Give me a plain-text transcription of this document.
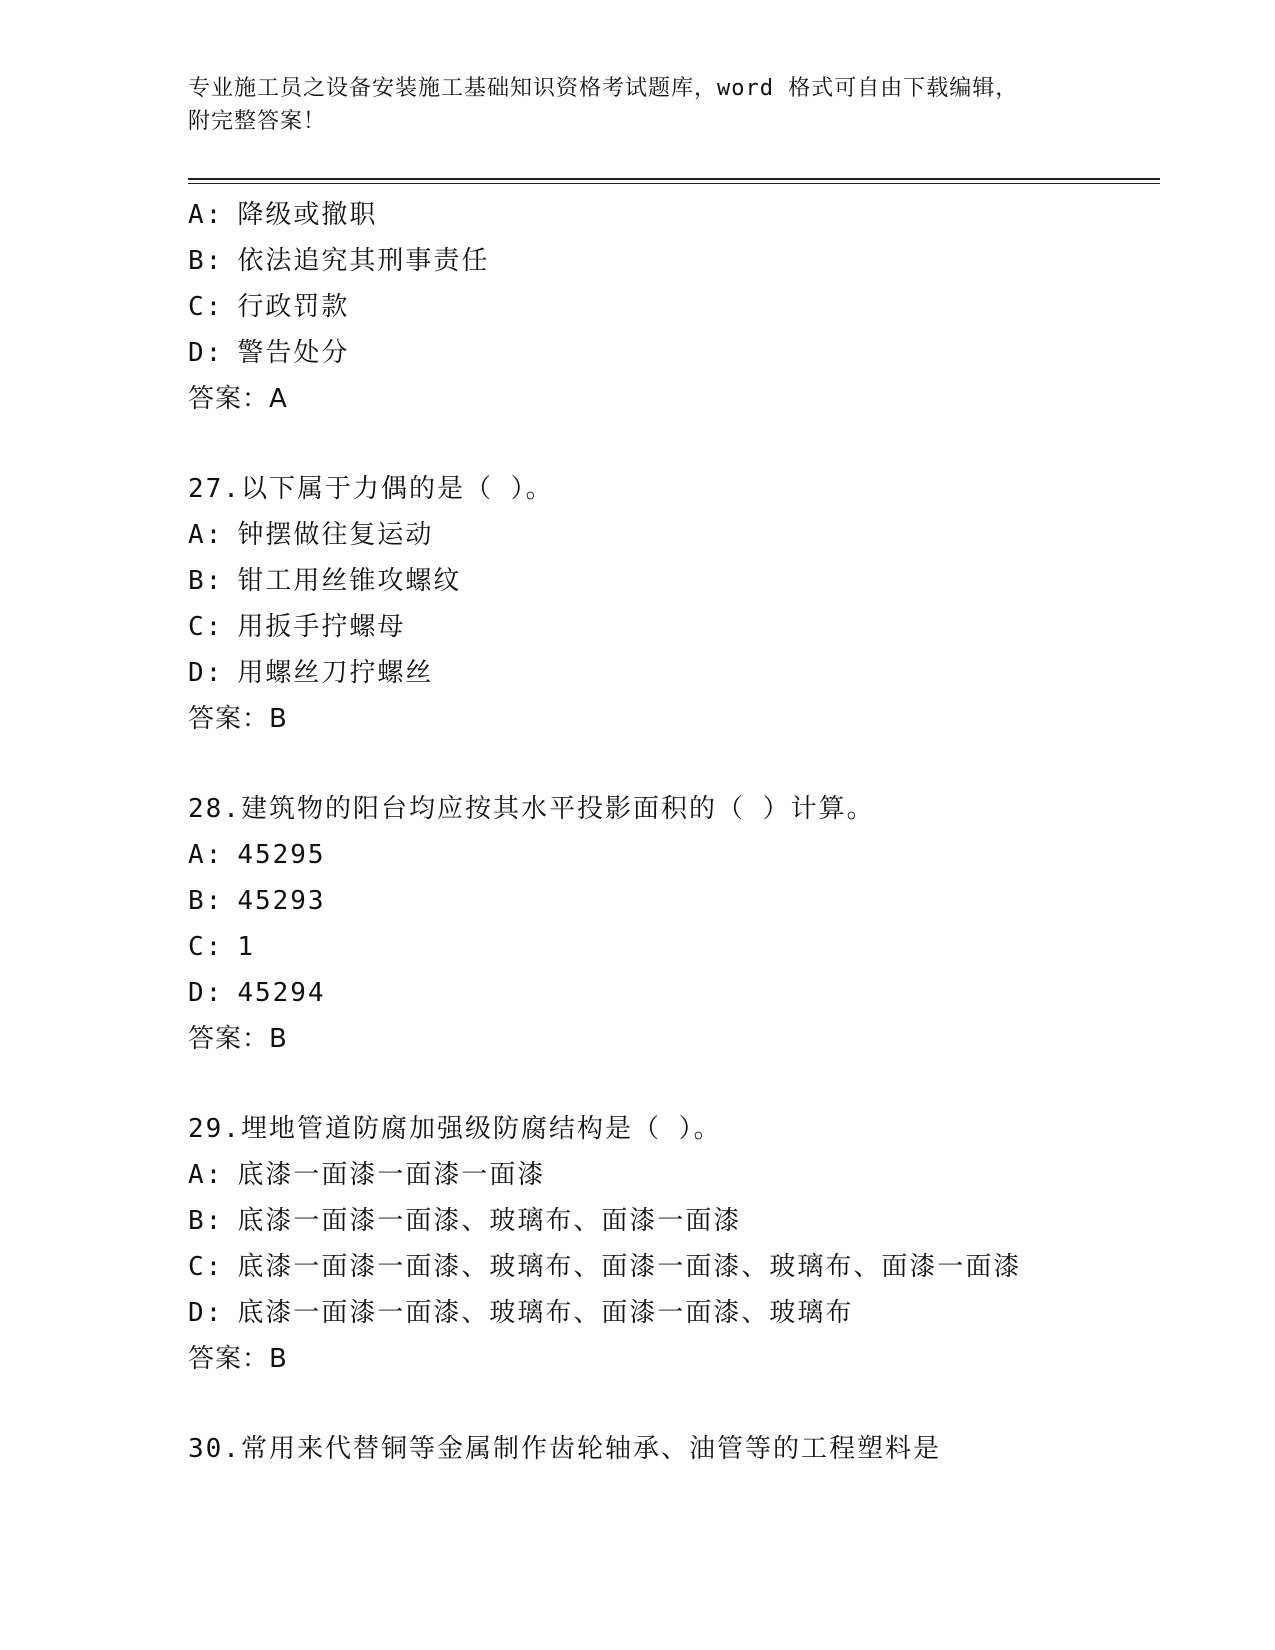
专业施工员之设备安装施工基础知识资格考试题库，word 格式可自由下载编辑，
附完整答案！
A: 降级或撤职
B: 依法追究其刑事责任
C: 行政罚款
D: 警告处分
答案：A
27.以下属于力偶的是（ ）。
A: 钟摆做往复运动
B: 钳工用丝锥攻螺纹
C: 用扳手拧螺母
D: 用螺丝刀拧螺丝
答案：B
28.建筑物的阳台均应按其水平投影面积的（ ）计算。
A: 45295
B: 45293
C: 1
D: 45294
答案：B
29.埋地管道防腐加强级防腐结构是（ ）。
A: 底漆一面漆一面漆一面漆
B: 底漆一面漆一面漆、玻璃布、面漆一面漆
C: 底漆一面漆一面漆、玻璃布、面漆一面漆、玻璃布、面漆一面漆
D: 底漆一面漆一面漆、玻璃布、面漆一面漆、玻璃布
答案：B
30.常用来代替铜等金属制作齿轮轴承、油管等的工程塑料是
